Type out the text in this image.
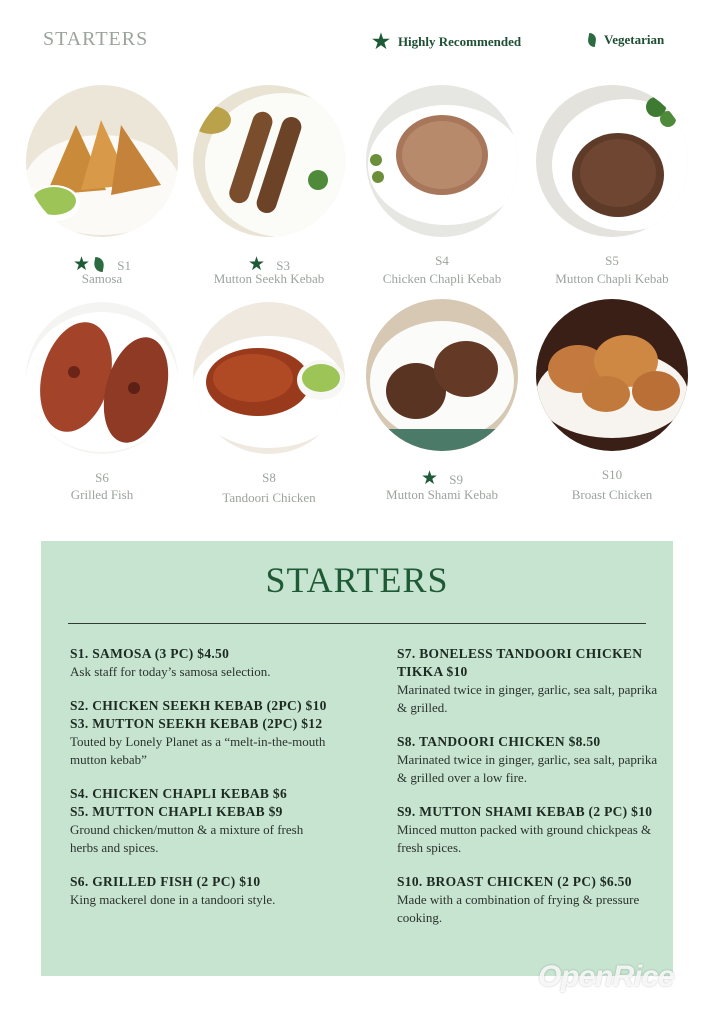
STARTERS	★ Highly Recommended	Vegetarian
★ S1
Samosa
★ S3
Mutton Seekh Kebab
S4
Chicken Chapli Kebab
S5
Mutton Chapli Kebab
S6
Grilled Fish
S8
Tandoori Chicken
★ S9
Mutton Shami Kebab
S10
Broast Chicken
STARTERS
S1. SAMOSA (3 PC) $4.50
Ask staff for today’s samosa selection.
S2. CHICKEN SEEKH KEBAB (2PC) $10
S3. MUTTON SEEKH KEBAB (2PC) $12
Touted by Lonely Planet as a “melt-in-the-mouth mutton kebab”
S4. CHICKEN CHAPLI KEBAB $6
S5. MUTTON CHAPLI KEBAB $9
Ground chicken/mutton & a mixture of fresh herbs and spices.
S6. GRILLED FISH (2 PC) $10
King mackerel done in a tandoori style.
S7. BONELESS TANDOORI CHICKEN TIKKA $10
Marinated twice in ginger, garlic, sea salt, paprika & grilled.
S8. TANDOORI CHICKEN $8.50
Marinated twice in ginger, garlic, sea salt, paprika & grilled over a low fire.
S9. MUTTON SHAMI KEBAB (2 PC) $10
Minced mutton packed with ground chickpeas & fresh spices.
S10. BROAST CHICKEN (2 PC) $6.50
Made with a combination of frying & pressure cooking.
OpenRice
